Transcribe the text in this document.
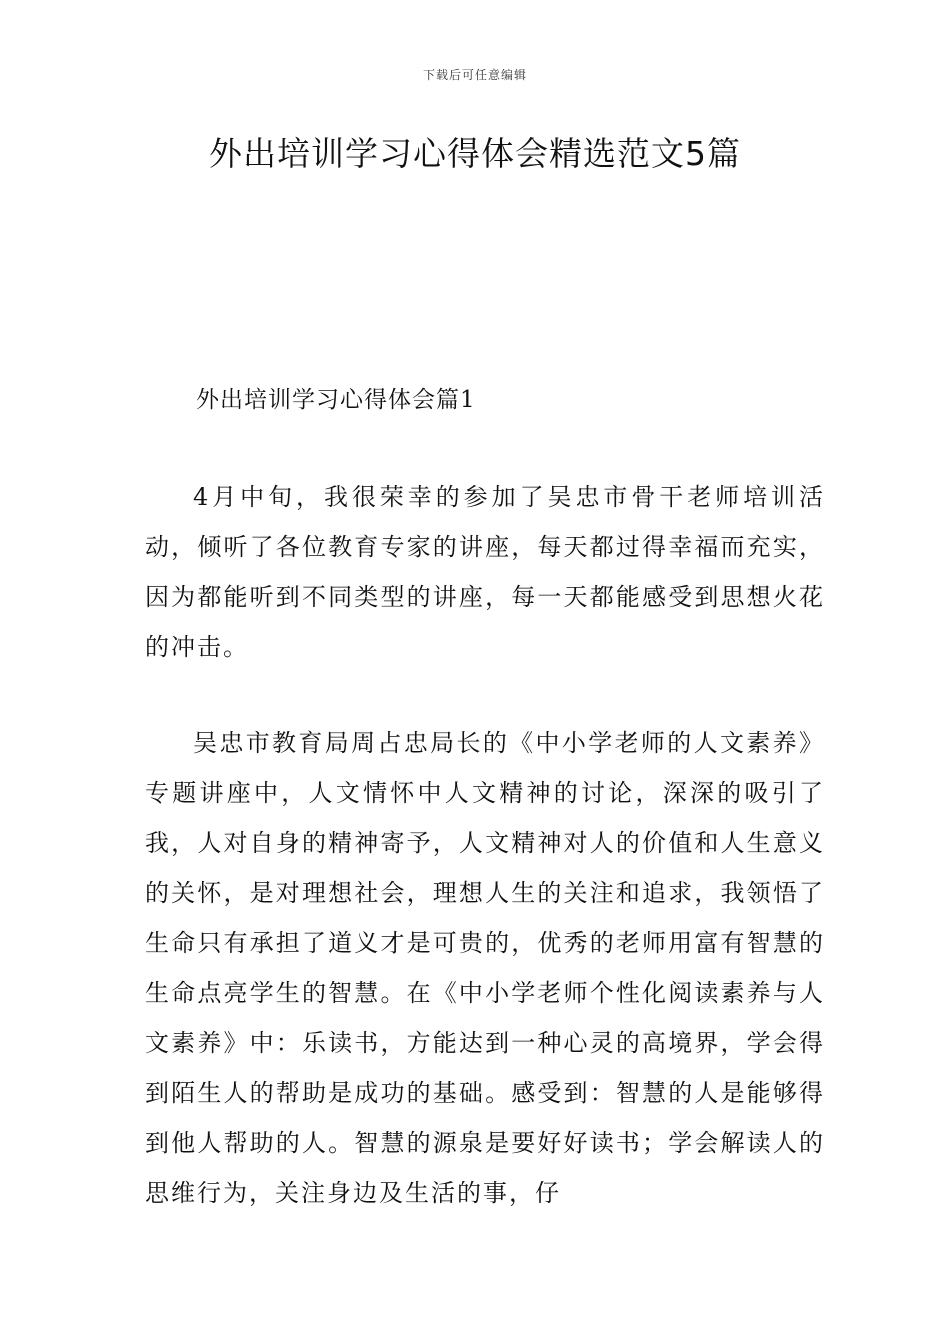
下载后可任意编辑
外出培训学习心得体会精选范文5篇
外出培训学习心得体会篇1

4月中旬，我很荣幸的参加了吴忠市骨干老师培训活动，倾听了各位教育专家的讲座，每天都过得幸福而充实，因为都能听到不同类型的讲座，每一天都能感受到思想火花的冲击。

吴忠市教育局周占忠局长的《中小学老师的人文素养》专题讲座中，人文情怀中人文精神的讨论，深深的吸引了我，人对自身的精神寄予，人文精神对人的价值和人生意义的关怀，是对理想社会，理想人生的关注和追求，我领悟了生命只有承担了道义才是可贵的，优秀的老师用富有智慧的生命点亮学生的智慧。在《中小学老师个性化阅读素养与人文素养》中：乐读书，方能达到一种心灵的高境界，学会得到陌生人的帮助是成功的基础。感受到：智慧的人是能够得到他人帮助的人。智慧的源泉是要好好读书；学会解读人的思维行为，关注身边及生活的事，仔
